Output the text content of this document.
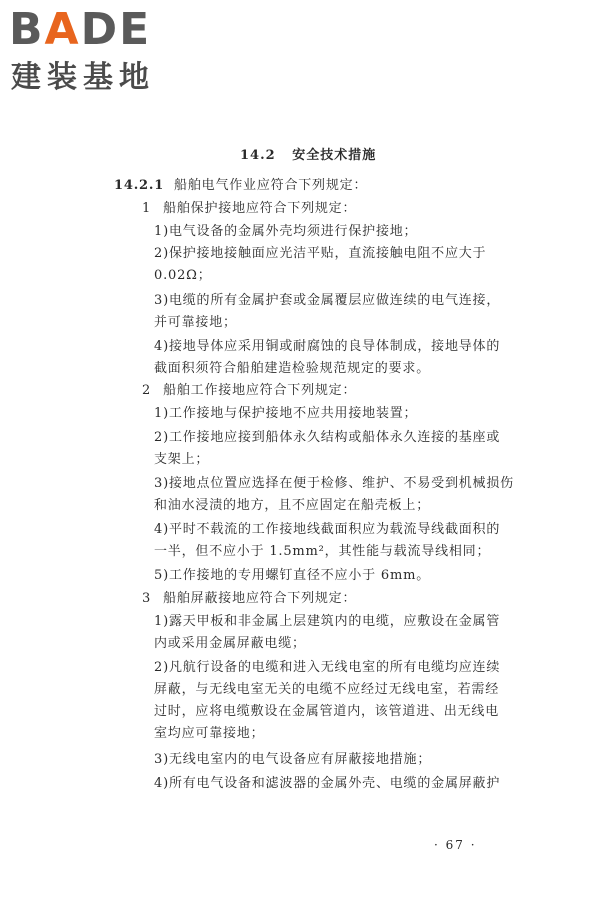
BADE
建装基地
14.2 安全技术措施
14.2.1 船舶电气作业应符合下列规定：
1 船舶保护接地应符合下列规定：
1)电气设备的金属外壳均须进行保护接地；
2)保护接地接触面应光洁平贴，直流接触电阻不应大于
0.02Ω；
3)电缆的所有金属护套或金属覆层应做连续的电气连接，
并可靠接地；
4)接地导体应采用铜或耐腐蚀的良导体制成，接地导体的
截面积须符合船舶建造检验规范规定的要求。
2 船舶工作接地应符合下列规定：
1)工作接地与保护接地不应共用接地装置；
2)工作接地应接到船体永久结构或船体永久连接的基座或
支架上；
3)接地点位置应选择在便于检修、维护、不易受到机械损伤
和油水浸渍的地方，且不应固定在船壳板上；
4)平时不载流的工作接地线截面积应为载流导线截面积的
一半，但不应小于 1.5mm²，其性能与载流导线相同；
5)工作接地的专用螺钉直径不应小于 6mm。
3 船舶屏蔽接地应符合下列规定：
1)露天甲板和非金属上层建筑内的电缆，应敷设在金属管
内或采用金属屏蔽电缆；
2)凡航行设备的电缆和进入无线电室的所有电缆均应连续
屏蔽，与无线电室无关的电缆不应经过无线电室，若需经
过时，应将电缆敷设在金属管道内，该管道进、出无线电
室均应可靠接地；
3)无线电室内的电气设备应有屏蔽接地措施；
4)所有电气设备和滤波器的金属外壳、电缆的金属屏蔽护
· 67 ·
